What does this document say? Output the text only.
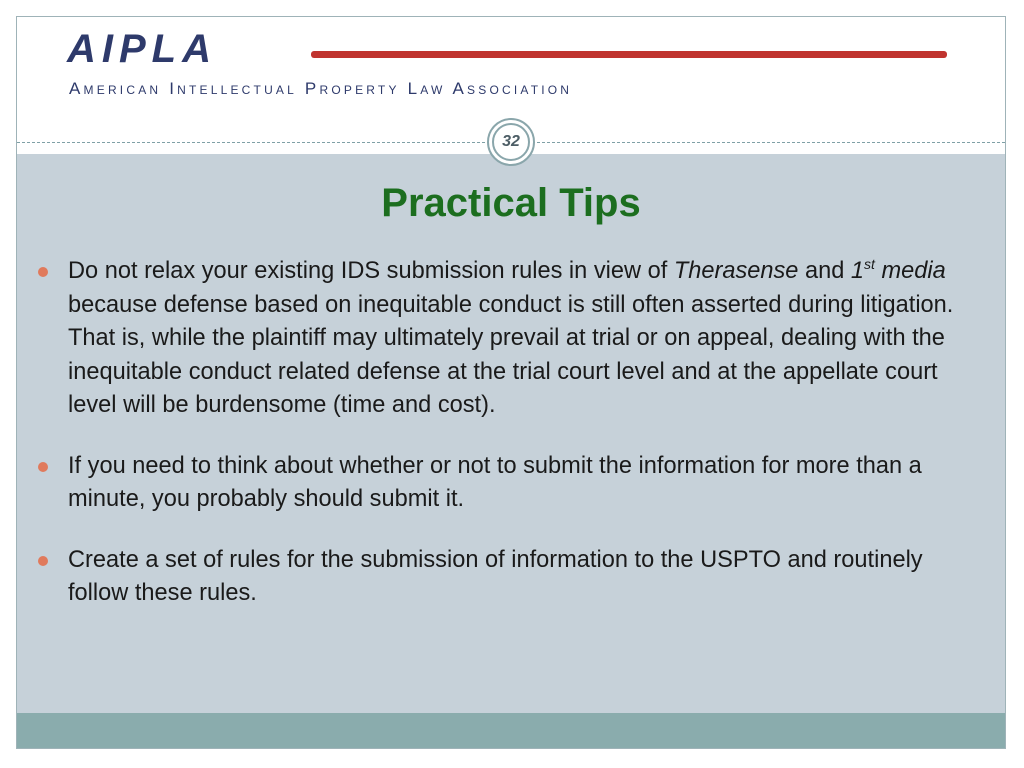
AIPLA
American Intellectual Property Law Association
32
Practical Tips
Do not relax your existing IDS submission rules in view of Therasense and 1st media because defense based on inequitable conduct is still often asserted during litigation. That is, while the plaintiff may ultimately prevail at trial or on appeal, dealing with the inequitable conduct related defense at the trial court level and at the appellate court level will be burdensome (time and cost).
If you need to think about whether or not to submit the information for more than a minute, you probably should submit it.
Create a set of rules for the submission of information to the USPTO and routinely follow these rules.
